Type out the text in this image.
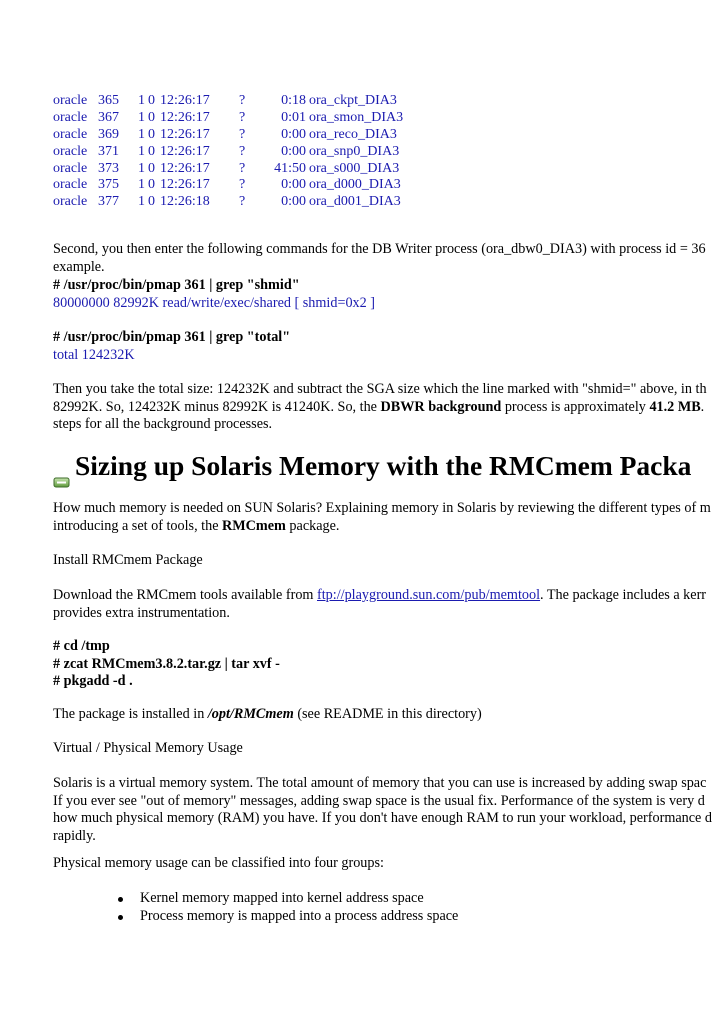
oracle 365	1 0 12:26:17	?	0:18 ora_ckpt_DIA3
oracle 367	1 0 12:26:17	?	0:01 ora_smon_DIA3
oracle 369	1 0 12:26:17	?	0:00 ora_reco_DIA3
oracle 371	1 0 12:26:17	?	0:00 ora_snp0_DIA3
oracle 373	1 0 12:26:17	?	41:50 ora_s000_DIA3
oracle 375	1 0 12:26:17	?	0:00 ora_d000_DIA3
oracle 377	1 0 12:26:18	?	0:00 ora_d001_DIA3
Second, you then enter the following commands for the DB Writer process (ora_dbw0_DIA3) with process id = 36
example.
# /usr/proc/bin/pmap 361 | grep "shmid"
80000000 82992K read/write/exec/shared [ shmid=0x2 ]
# /usr/proc/bin/pmap 361 | grep "total"
total 124232K
Then you take the total size: 124232K and subtract the SGA size which the line marked with "shmid=" above, in th
82992K. So, 124232K minus 82992K is 41240K. So, the DBWR background process is approximately 41.2 MB.
steps for all the background processes.
Sizing up Solaris Memory with the RMCmem Packa
How much memory is needed on SUN Solaris? Explaining memory in Solaris by reviewing the different types of m
introducing a set of tools, the RMCmem package.
Install RMCmem Package
Download the RMCmem tools available from ftp://playground.sun.com/pub/memtool. The package includes a kerr
provides extra instrumentation.
# cd /tmp
# zcat RMCmem3.8.2.tar.gz | tar xvf -
# pkgadd -d .
The package is installed in /opt/RMCmem (see README in this directory)
Virtual / Physical Memory Usage
Solaris is a virtual memory system. The total amount of memory that you can use is increased by adding swap spac
If you ever see "out of memory" messages, adding swap space is the usual fix. Performance of the system is very d
how much physical memory (RAM) you have. If you don't have enough RAM to run your workload, performance d
rapidly.
Physical memory usage can be classified into four groups:
Kernel memory mapped into kernel address space
Process memory is mapped into a process address space
